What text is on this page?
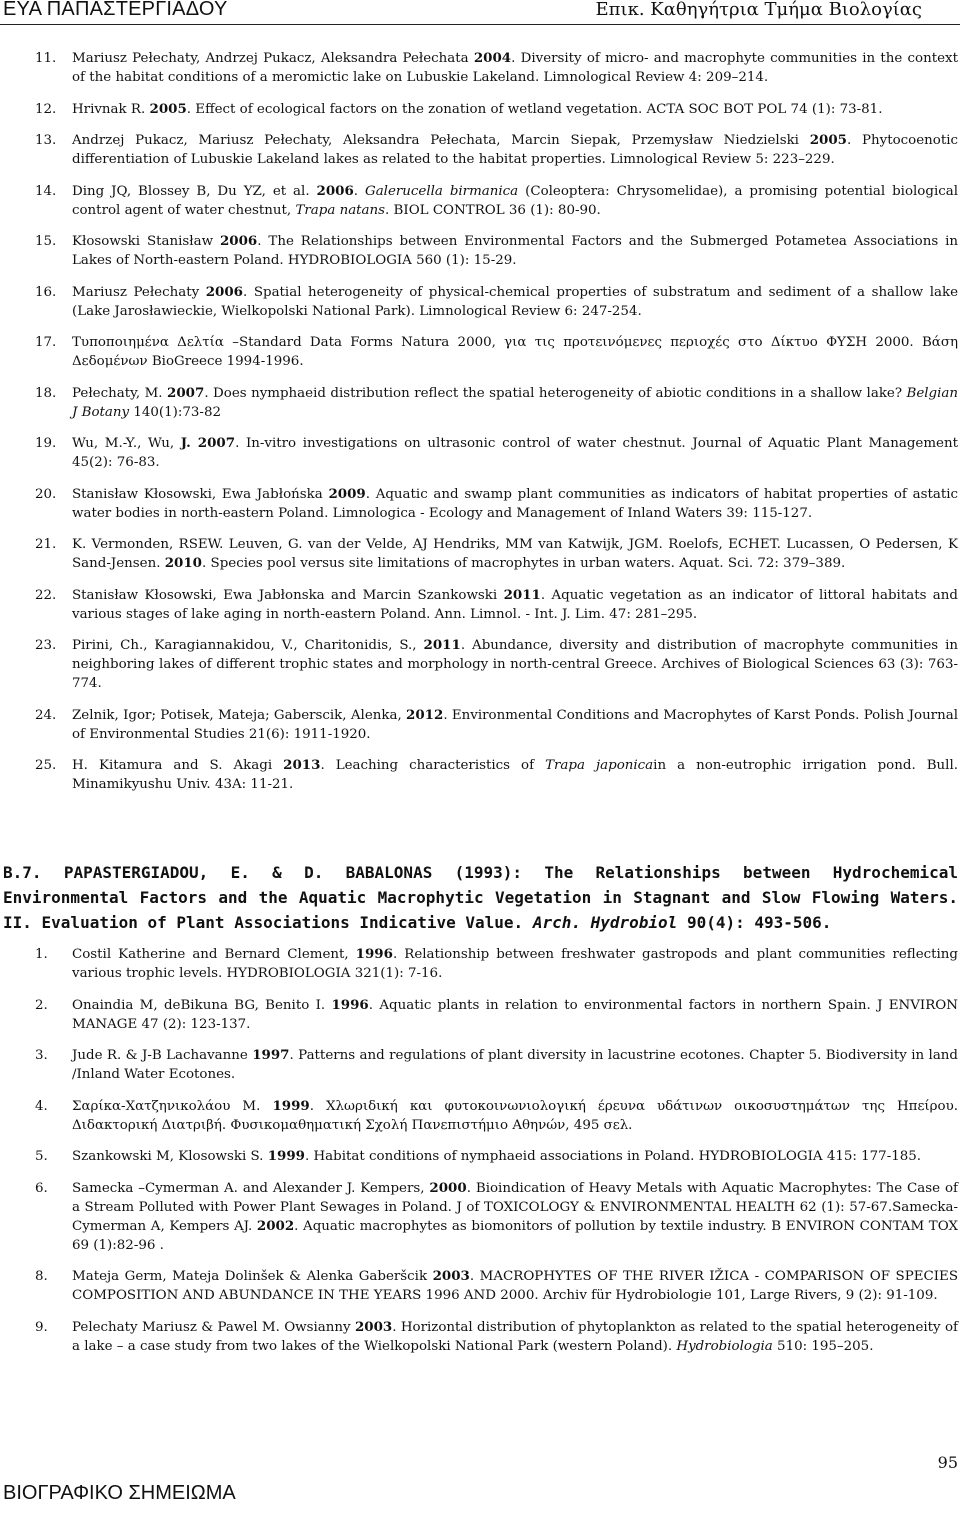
ΕΥΑ ΠΑΠΑΣΤΕΡΓΙΑΔΟΥ	Επικ. Καθηγήτρια Τμήμα Βιολογίας
11.	Mariusz Pełechaty, Andrzej Pukacz, Aleksandra Pełechata 2004. Diversity of micro- and macrophyte communities in the context of the habitat conditions of a meromictic lake on Lubuskie Lakeland. Limnological Review 4: 209–214.
12.	Hrivnak R. 2005. Effect of ecological factors on the zonation of wetland vegetation. ACTA SOC BOT POL 74 (1): 73-81.
13.	Andrzej Pukacz, Mariusz Pełechaty, Aleksandra Pełechata, Marcin Siepak, Przemysław Niedzielski 2005. Phytocoenotic differentiation of Lubuskie Lakeland lakes as related to the habitat properties. Limnological Review 5: 223–229.
14.	Ding JQ, Blossey B, Du YZ, et al. 2006. Galerucella birmanica (Coleoptera: Chrysomelidae), a promising potential biological control agent of water chestnut, Trapa natans. BIOL CONTROL 36 (1): 80-90.
15.	Kłosowski Stanisław 2006. The Relationships between Environmental Factors and the Submerged Potametea Associations in Lakes of North-eastern Poland. HYDROBIOLOGIA 560 (1): 15-29.
16.	Mariusz Pełechaty 2006. Spatial heterogeneity of physical-chemical properties of substratum and sediment of a shallow lake (Lake Jarosławieckie, Wielkopolski National Park). Limnological Review 6: 247-254.
17.	Τυποποιημένα Δελτία –Standard Data Forms Natura 2000, για τις προτεινόμενες περιοχές στο Δίκτυο ΦΥΣΗ 2000. Βάση Δεδομένων BioGreece 1994-1996.
18.	Pełechaty, M. 2007. Does nymphaeid distribution reflect the spatial heterogeneity of abiotic conditions in a shallow lake? Belgian J Botany 140(1):73-82
19.	Wu, M.-Y., Wu, J. 2007. In-vitro investigations on ultrasonic control of water chestnut. Journal of Aquatic Plant Management 45(2): 76-83.
20.	Stanisław Kłosowski, Ewa Jabłońska 2009. Aquatic and swamp plant communities as indicators of habitat properties of astatic water bodies in north-eastern Poland. Limnologica - Ecology and Management of Inland Waters 39: 115-127.
21.	K. Vermonden, RSEW. Leuven, G. van der Velde, AJ Hendriks, MM van Katwijk, JGM. Roelofs, ECHET. Lucassen, O Pedersen, K Sand-Jensen. 2010. Species pool versus site limitations of macrophytes in urban waters. Aquat. Sci. 72: 379–389.
22.	Stanisław Kłosowski, Ewa Jabłonska and Marcin Szankowski 2011. Aquatic vegetation as an indicator of littoral habitats and various stages of lake aging in north-eastern Poland. Ann. Limnol. - Int. J. Lim. 47: 281–295.
23.	Pirini, Ch., Karagiannakidou, V., Charitonidis, S., 2011. Abundance, diversity and distribution of macrophyte communities in neighboring lakes of different trophic states and morphology in north-central Greece. Archives of Biological Sciences 63 (3): 763-774.
24.	Zelnik, Igor; Potisek, Mateja; Gaberscik, Alenka, 2012. Environmental Conditions and Macrophytes of Karst Ponds. Polish Journal of Environmental Studies 21(6): 1911-1920.
25.	H. Kitamura and S. Akagi 2013. Leaching characteristics of Trapa japonicain a non-eutrophic irrigation pond. Bull. Minamikyushu Univ. 43A: 11-21.
B.7. PAPASTERGIADOU, E. & D. BABALONAS (1993): The Relationships between Hydrochemical Environmental Factors and the Aquatic Macrophytic Vegetation in Stagnant and Slow Flowing Waters. II. Evaluation of Plant Associations Indicative Value. Arch. Hydrobiol 90(4): 493-506.
1.	Costil Katherine and Bernard Clement, 1996. Relationship between freshwater gastropods and plant communities reflecting various trophic levels. HYDROBIOLOGIA 321(1): 7-16.
2.	Onaindia M, deBikuna BG, Benito I. 1996. Aquatic plants in relation to environmental factors in northern Spain. J ENVIRON MANAGE 47 (2): 123-137.
3.	Jude R. & J-B Lachavanne 1997. Patterns and regulations of plant diversity in lacustrine ecotones. Chapter 5. Biodiversity in land /Inland Water Ecotones.
4.	Σαρίκα-Χατζηνικολάου Μ. 1999. Χλωριδική και φυτοκοινωνιολογική έρευνα υδάτινων οικοσυστημάτων της Ηπείρου. Διδακτορική Διατριβή. Φυσικομαθηματική Σχολή Πανεπιστήμιο Αθηνών, 495 σελ.
5.	Szankowski M, Klosowski S. 1999. Habitat conditions of nymphaeid associations in Poland. HYDROBIOLOGIA 415: 177-185.
6.	Samecka –Cymerman A. and Alexander J. Kempers, 2000. Bioindication of Heavy Metals with Aquatic Macrophytes: The Case of a Stream Polluted with Power Plant Sewages in Poland. J of TOXICOLOGY & ENVIRONMENTAL HEALTH 62 (1): 57-67.Samecka-Cymerman A, Kempers AJ. 2002. Aquatic macrophytes as biomonitors of pollution by textile industry. B ENVIRON CONTAM TOX 69 (1):82-96 .
8.	Mateja Germ, Mateja Dolinšek & Alenka Gaberšcik 2003. MACROPHYTES OF THE RIVER IŽICA - COMPARISON OF SPECIES COMPOSITION AND ABUNDANCE IN THE YEARS 1996 AND 2000. Archiv für Hydrobiologie 101, Large Rivers, 9 (2): 91-109.
9.	Pelechaty Mariusz & Pawel M. Owsianny 2003. Horizontal distribution of phytoplankton as related to the spatial heterogeneity of a lake – a case study from two lakes of the Wielkopolski National Park (western Poland). Hydrobiologia 510: 195–205.
ΒΙΟΓΡΑΦΙΚΟ ΣΗΜΕΙΩΜΑ
95
